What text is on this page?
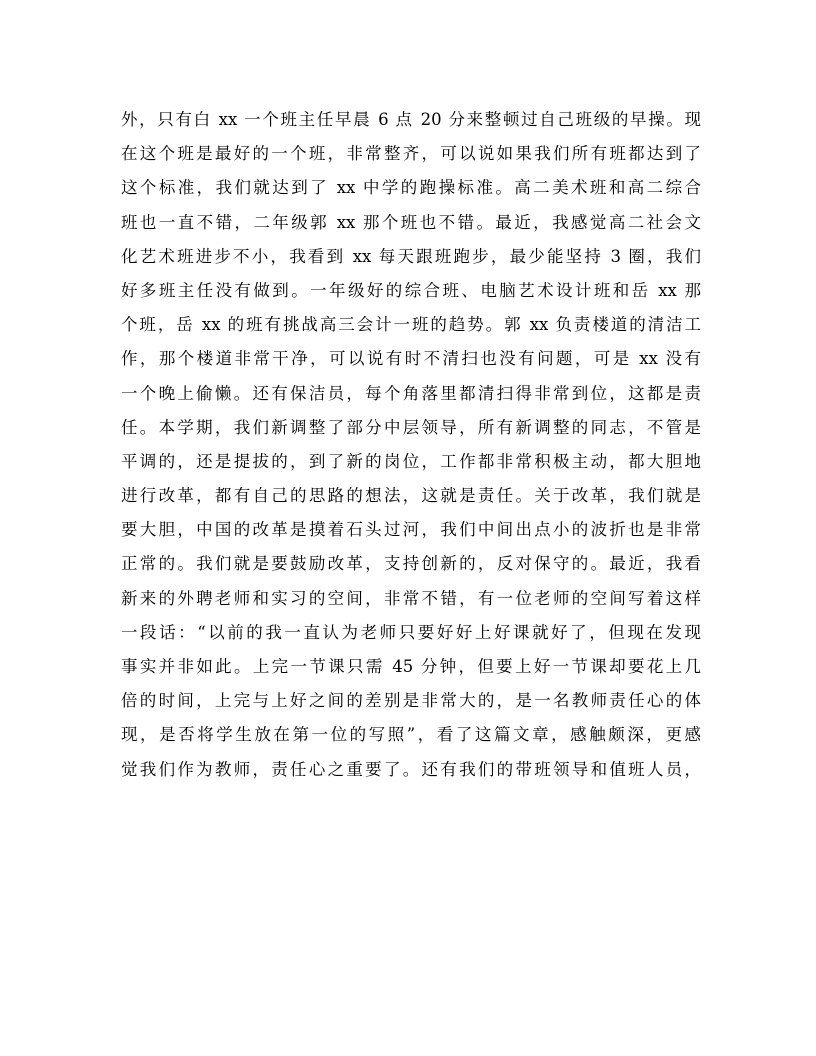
外，只有白 xx 一个班主任早晨 6 点 20 分来整顿过自己班级的早操。现
在这个班是最好的一个班，非常整齐，可以说如果我们所有班都达到了
这个标准，我们就达到了 xx 中学的跑操标准。高二美术班和高二综合
班也一直不错，二年级郭 xx 那个班也不错。最近，我感觉高二社会文
化艺术班进步不小，我看到 xx 每天跟班跑步，最少能坚持 3 圈，我们
好多班主任没有做到。一年级好的综合班、电脑艺术设计班和岳 xx 那
个班，岳 xx 的班有挑战高三会计一班的趋势。郭 xx 负责楼道的清洁工
作，那个楼道非常干净，可以说有时不清扫也没有问题，可是 xx 没有
一个晚上偷懒。还有保洁员，每个角落里都清扫得非常到位，这都是责
任。本学期，我们新调整了部分中层领导，所有新调整的同志，不管是
平调的，还是提拔的，到了新的岗位，工作都非常积极主动，都大胆地
进行改革，都有自己的思路的想法，这就是责任。关于改革，我们就是
要大胆，中国的改革是摸着石头过河，我们中间出点小的波折也是非常
正常的。我们就是要鼓励改革，支持创新的，反对保守的。最近，我看
新来的外聘老师和实习的空间，非常不错，有一位老师的空间写着这样
一段话：“以前的我一直认为老师只要好好上好课就好了，但现在发现
事实并非如此。上完一节课只需 45 分钟，但要上好一节课却要花上几
倍的时间，上完与上好之间的差别是非常大的，是一名教师责任心的体
现，是否将学生放在第一位的写照”，看了这篇文章，感触颇深，更感
觉我们作为教师，责任心之重要了。还有我们的带班领导和值班人员，
